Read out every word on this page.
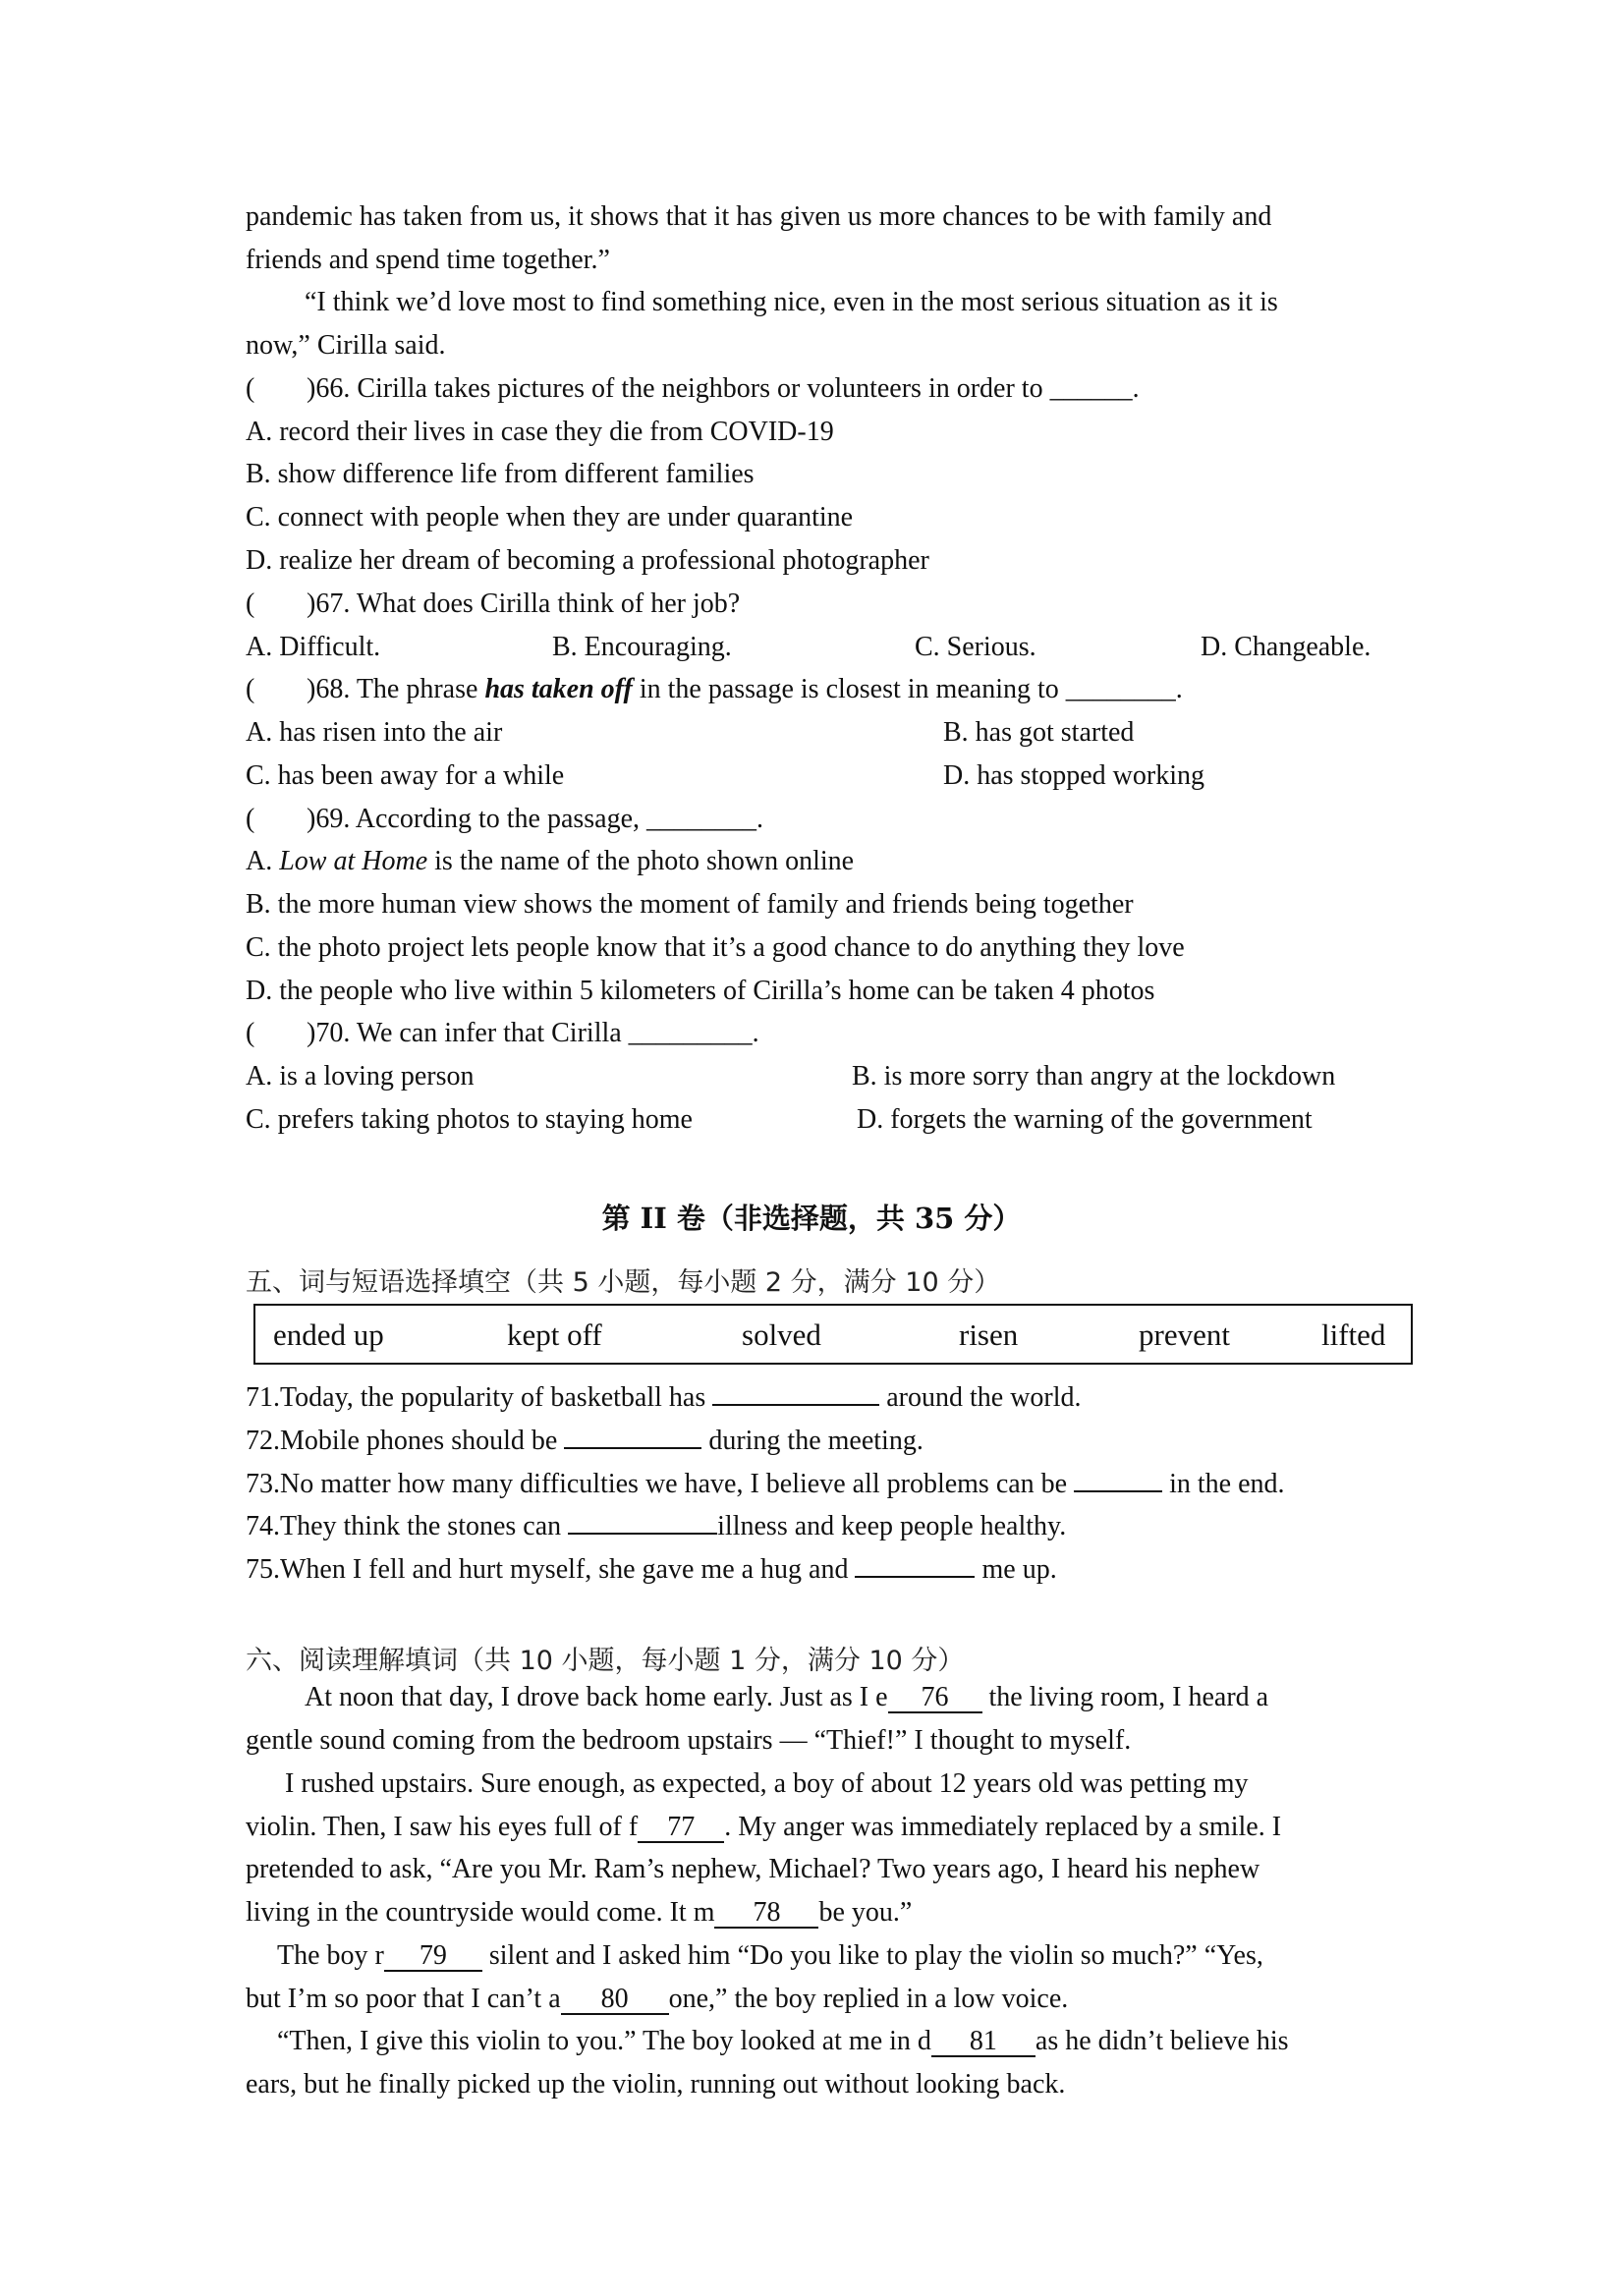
pandemic has taken from us, it shows that it has given us more chances to be with family and
friends and spend time together.”
“I think we’d love most to find something nice, even in the most serious situation as it is
now,” Cirilla said.
( )66. Cirilla takes pictures of the neighbors or volunteers in order to ______.
A. record their lives in case they die from COVID-19
B. show difference life from different families
C. connect with people when they are under quarantine
D. realize her dream of becoming a professional photographer
( )67. What does Cirilla think of her job?
A. Difficult.	B. Encouraging.	C. Serious.	D. Changeable.
( )68. The phrase has taken off in the passage is closest in meaning to ________.
A. has risen into the air	B. has got started
C. has been away for a while	D. has stopped working
( )69. According to the passage, ________.
A. Low at Home is the name of the photo shown online
B. the more human view shows the moment of family and friends being together
C. the photo project lets people know that it’s a good chance to do anything they love
D. the people who live within 5 kilometers of Cirilla’s home can be taken 4 photos
( )70. We can infer that Cirilla _________.
A. is a loving person	B. is more sorry than angry at the lockdown
C. prefers taking photos to staying home	D. forgets the warning of the government
第 II 卷（非选择题，共 35 分）
五、词与短语选择填空（共 5 小题，每小题 2 分，满分 10 分）
ended up	kept off	solved	risen	prevent	lifted
71.Today, the popularity of basketball has	around the world.
72.Mobile phones should be	during the meeting.
73.No matter how many difficulties we have, I believe all problems can be	in the end.
74.They think the stones can	illness and keep people healthy.
75.When I fell and hurt myself, she gave me a hug and	me up.
六、阅读理解填词（共 10 小题，每小题 1 分，满分 10 分）
At noon that day, I drove back home early. Just as I e 76 the living room, I heard a
gentle sound coming from the bedroom upstairs — “Thief!” I thought to myself.
I rushed upstairs. Sure enough, as expected, a boy of about 12 years old was petting my
violin. Then, I saw his eyes full of f 77 . My anger was immediately replaced by a smile. I
pretended to ask, “Are you Mr. Ram’s nephew, Michael? Two years ago, I heard his nephew
living in the countryside would come. It m 78 be you.”
The boy r 79 silent and I asked him “Do you like to play the violin so much?” “Yes,
but I’m so poor that I can’t a 80 one,” the boy replied in a low voice.
“Then, I give this violin to you.” The boy looked at me in d 81 as he didn’t believe his
ears, but he finally picked up the violin, running out without looking back.
